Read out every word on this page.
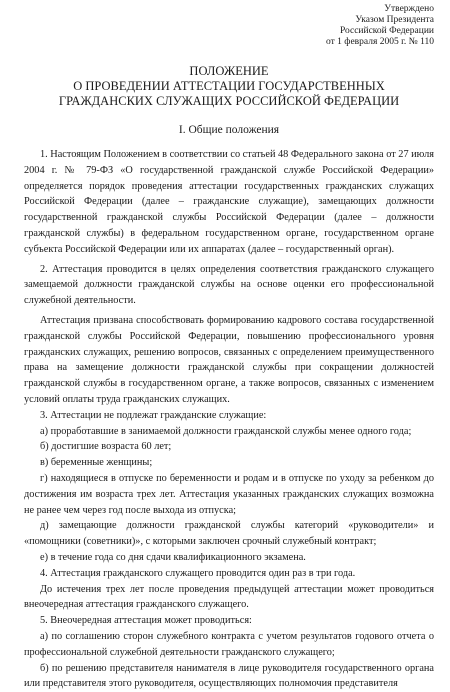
Утверждено
Указом Президента
Российской Федерации
от 1 февраля 2005 г. № 110
ПОЛОЖЕНИЕ
О ПРОВЕДЕНИИ АТТЕСТАЦИИ ГОСУДАРСТВЕННЫХ
ГРАЖДАНСКИХ СЛУЖАЩИХ РОССИЙСКОЙ ФЕДЕРАЦИИ
I. Общие положения

1. Настоящим Положением в соответствии со статьей 48 Федерального закона от 27 июля 2004 г. № 79-ФЗ «О государственной гражданской службе Российской Федерации» определяется порядок проведения аттестации государственных гражданских служащих Российской Федерации (далее – гражданские служащие), замещающих должности государственной гражданской службы Российской Федерации (далее – должности гражданской службы) в федеральном государственном органе, государственном органе субъекта Российской Федерации или их аппаратах (далее – государственный орган).

2. Аттестация проводится в целях определения соответствия гражданского служащего замещаемой должности гражданской службы на основе оценки его профессиональной служебной деятельности.

Аттестация призвана способствовать формированию кадрового состава государственной гражданской службы Российской Федерации, повышению профессионального уровня гражданских служащих, решению вопросов, связанных с определением преимущественного права на замещение должности гражданской службы при сокращении должностей гражданской службы в государственном органе, а также вопросов, связанных с изменением условий оплаты труда гражданских служащих.

3. Аттестации не подлежат гражданские служащие:

а) проработавшие в занимаемой должности гражданской службы менее одного года;

б) достигшие возраста 60 лет;

в) беременные женщины;

г) находящиеся в отпуске по беременности и родам и в отпуске по уходу за ребенком до достижения им возраста трех лет. Аттестация указанных гражданских служащих возможна не ранее чем через год после выхода из отпуска;

д) замещающие должности гражданской службы категорий «руководители» и «помощники (советники)», с которыми заключен срочный служебный контракт;

е) в течение года со дня сдачи квалификационного экзамена.

4. Аттестация гражданского служащего проводится один раз в три года.

До истечения трех лет после проведения предыдущей аттестации может проводиться внеочередная аттестация гражданского служащего.

5. Внеочередная аттестация может проводиться:

а) по соглашению сторон служебного контракта с учетом результатов годового отчета о профессиональной служебной деятельности гражданского служащего;

б) по решению представителя нанимателя в лице руководителя государственного органа или представителя этого руководителя, осуществляющих полномочия представителя
